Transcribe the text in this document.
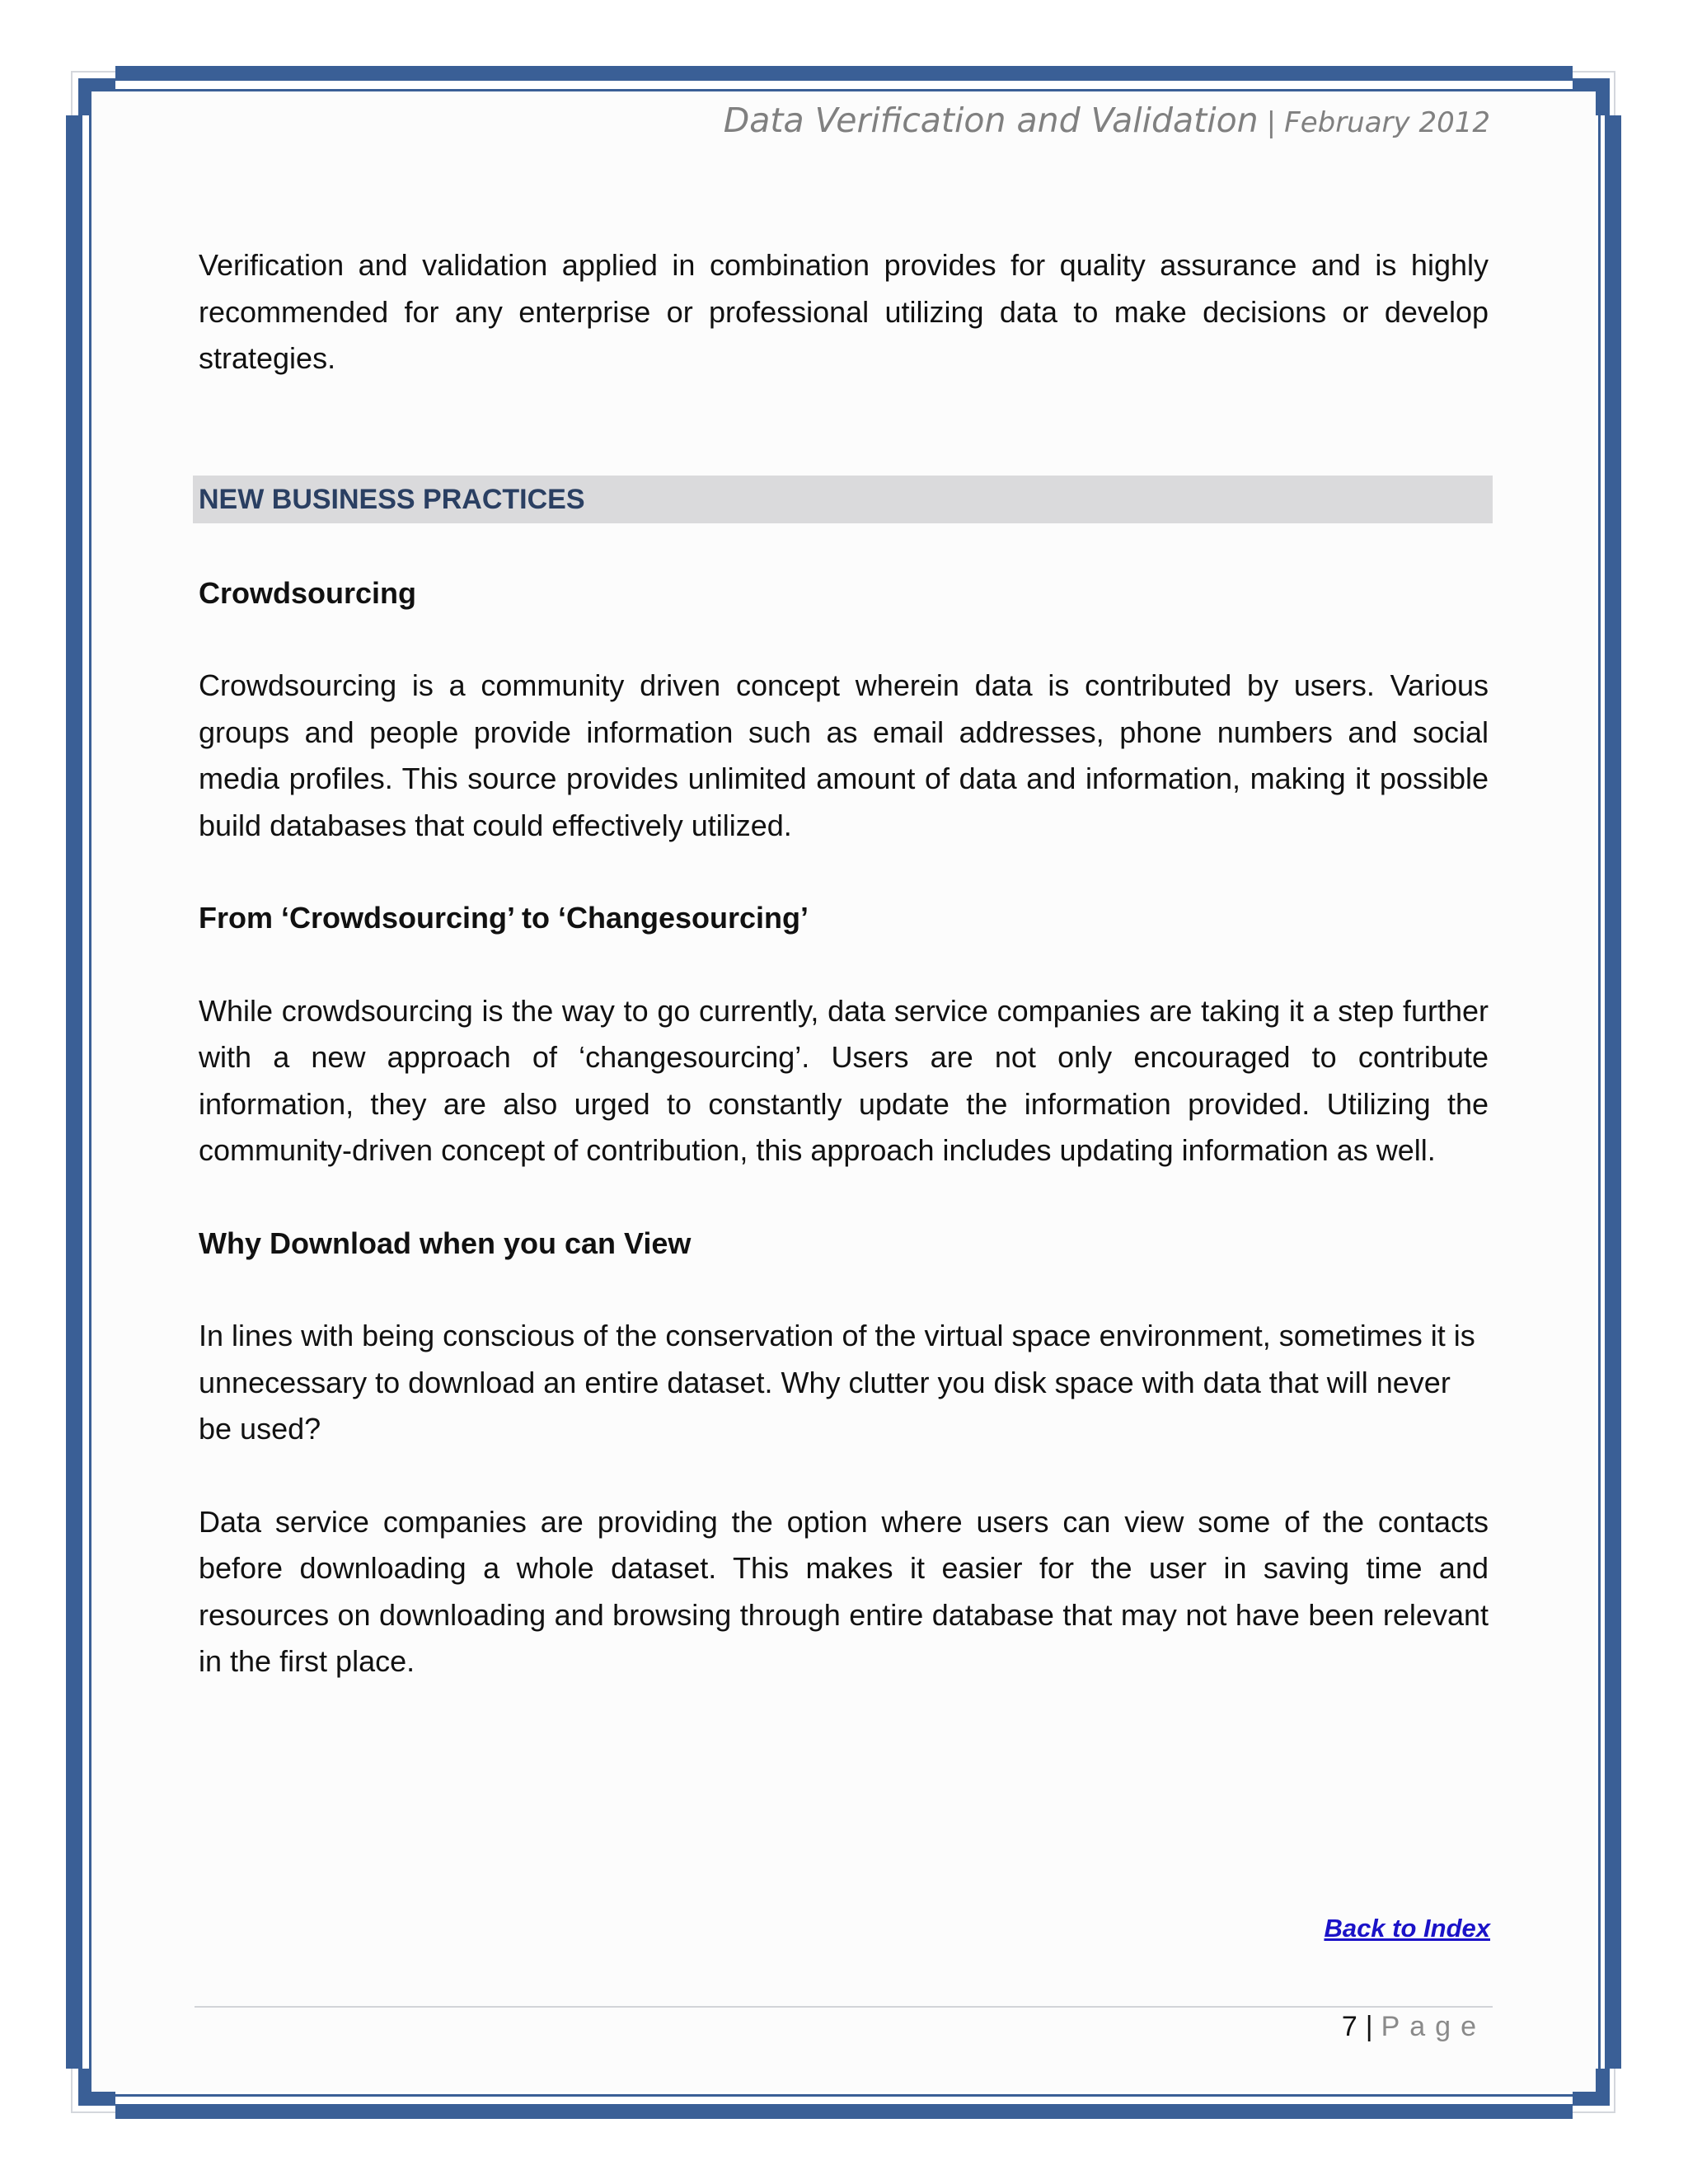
Data Verification and Validation | February 2012

Verification and validation applied in combination provides for quality assurance and is highly recommended for any enterprise or professional utilizing data to make decisions or develop strategies.

NEW BUSINESS PRACTICES
Crowdsourcing

Crowdsourcing is a community driven concept wherein data is contributed by users. Various groups and people provide information such as email addresses, phone numbers and social media profiles. This source provides unlimited amount of data and information, making it possible build databases that could effectively utilized.

From ‘Crowdsourcing’ to ‘Changesourcing’

While crowdsourcing is the way to go currently, data service companies are taking it a step further with a new approach of ‘changesourcing’. Users are not only encouraged to contribute information, they are also urged to constantly update the information provided. Utilizing the community-driven concept of contribution, this approach includes updating information as well.

Why Download when you can View

In lines with being conscious of the conservation of the virtual space environment, sometimes it is unnecessary to download an entire dataset. Why clutter you disk space with data that will never be used?

Data service companies are providing the option where users can view some of the contacts before downloading a whole dataset. This makes it easier for the user in saving time and resources on downloading and browsing through entire database that may not have been relevant in the first place.

Back to Index
7 | Page
